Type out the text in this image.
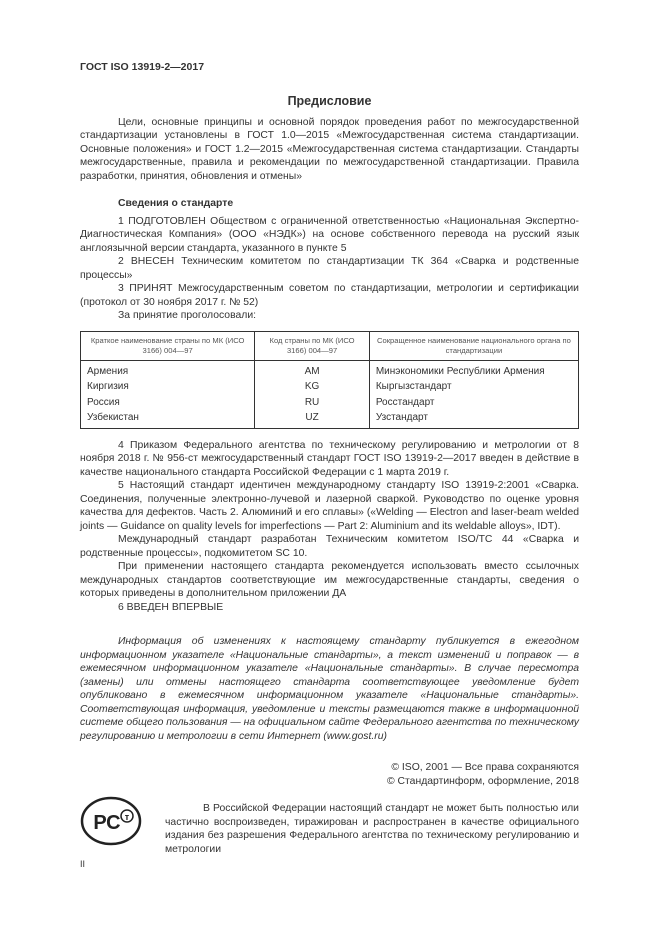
ГОСТ ISO 13919-2—2017
Предисловие

Цели, основные принципы и основной порядок проведения работ по межгосударственной стандартизации установлены в ГОСТ 1.0—2015 «Межгосударственная система стандартизации. Основные положения» и ГОСТ 1.2—2015 «Межгосударственная система стандартизации. Стандарты межгосударственные, правила и рекомендации по межгосударственной стандартизации. Правила разработки, принятия, обновления и отмены»

Сведения о стандарте

1 ПОДГОТОВЛЕН Обществом с ограниченной ответственностью «Национальная Экспертно-Диагностическая Компания» (ООО «НЭДК») на основе собственного перевода на русский язык англоязычной версии стандарта, указанного в пункте 5

2 ВНЕСЕН Техническим комитетом по стандартизации ТК 364 «Сварка и родственные процессы»

3 ПРИНЯТ Межгосударственным советом по стандартизации, метрологии и сертификации (протокол от 30 ноября 2017 г. № 52)

За принятие проголосовали:

Краткое наименование страны по МК (ИСО 3166) 004—97	Код страны по МК (ИСО 3166) 004—97	Сокращенное наименование национального органа по стандартизации
Армения	AM	Минэкономики Республики Армения
Киргизия	KG	Кыргызстандарт
Россия	RU	Росстандарт
Узбекистан	UZ	Узстандарт

4 Приказом Федерального агентства по техническому регулированию и метрологии от 8 ноября 2018 г. № 956-ст межгосударственный стандарт ГОСТ ISO 13919-2—2017 введен в действие в качестве национального стандарта Российской Федерации с 1 марта 2019 г.

5 Настоящий стандарт идентичен международному стандарту ISO 13919-2:2001 «Сварка. Соединения, полученные электронно-лучевой и лазерной сваркой. Руководство по оценке уровня качества для дефектов. Часть 2. Алюминий и его сплавы» («Welding — Electron and laser-beam welded joints — Guidance on quality levels for imperfections — Part 2: Aluminium and its weldable alloys», IDT).

Международный стандарт разработан Техническим комитетом ISO/TC 44 «Сварка и родственные процессы», подкомитетом SC 10.

При применении настоящего стандарта рекомендуется использовать вместо ссылочных международных стандартов соответствующие им межгосударственные стандарты, сведения о которых приведены в дополнительном приложении ДА

6 ВВЕДЕН ВПЕРВЫЕ

Информация об изменениях к настоящему стандарту публикуется в ежегодном информационном указателе «Национальные стандарты», а текст изменений и поправок — в ежемесячном информационном указателе «Национальные стандарты». В случае пересмотра (замены) или отмены настоящего стандарта соответствующее уведомление будет опубликовано в ежемесячном информационном указателе «Национальные стандарты». Соответствующая информация, уведомление и тексты размещаются также в информационной системе общего пользования — на официальном сайте Федерального агентства по техническому регулированию и метрологии в сети Интернет (www.gost.ru)

© ISO, 2001 — Все права сохраняются
© Стандартинформ, оформление, 2018
РС т

В Российской Федерации настоящий стандарт не может быть полностью или частично воспроизведен, тиражирован и распространен в качестве официального издания без разрешения Федерального агентства по техническому регулированию и метрологии

II
